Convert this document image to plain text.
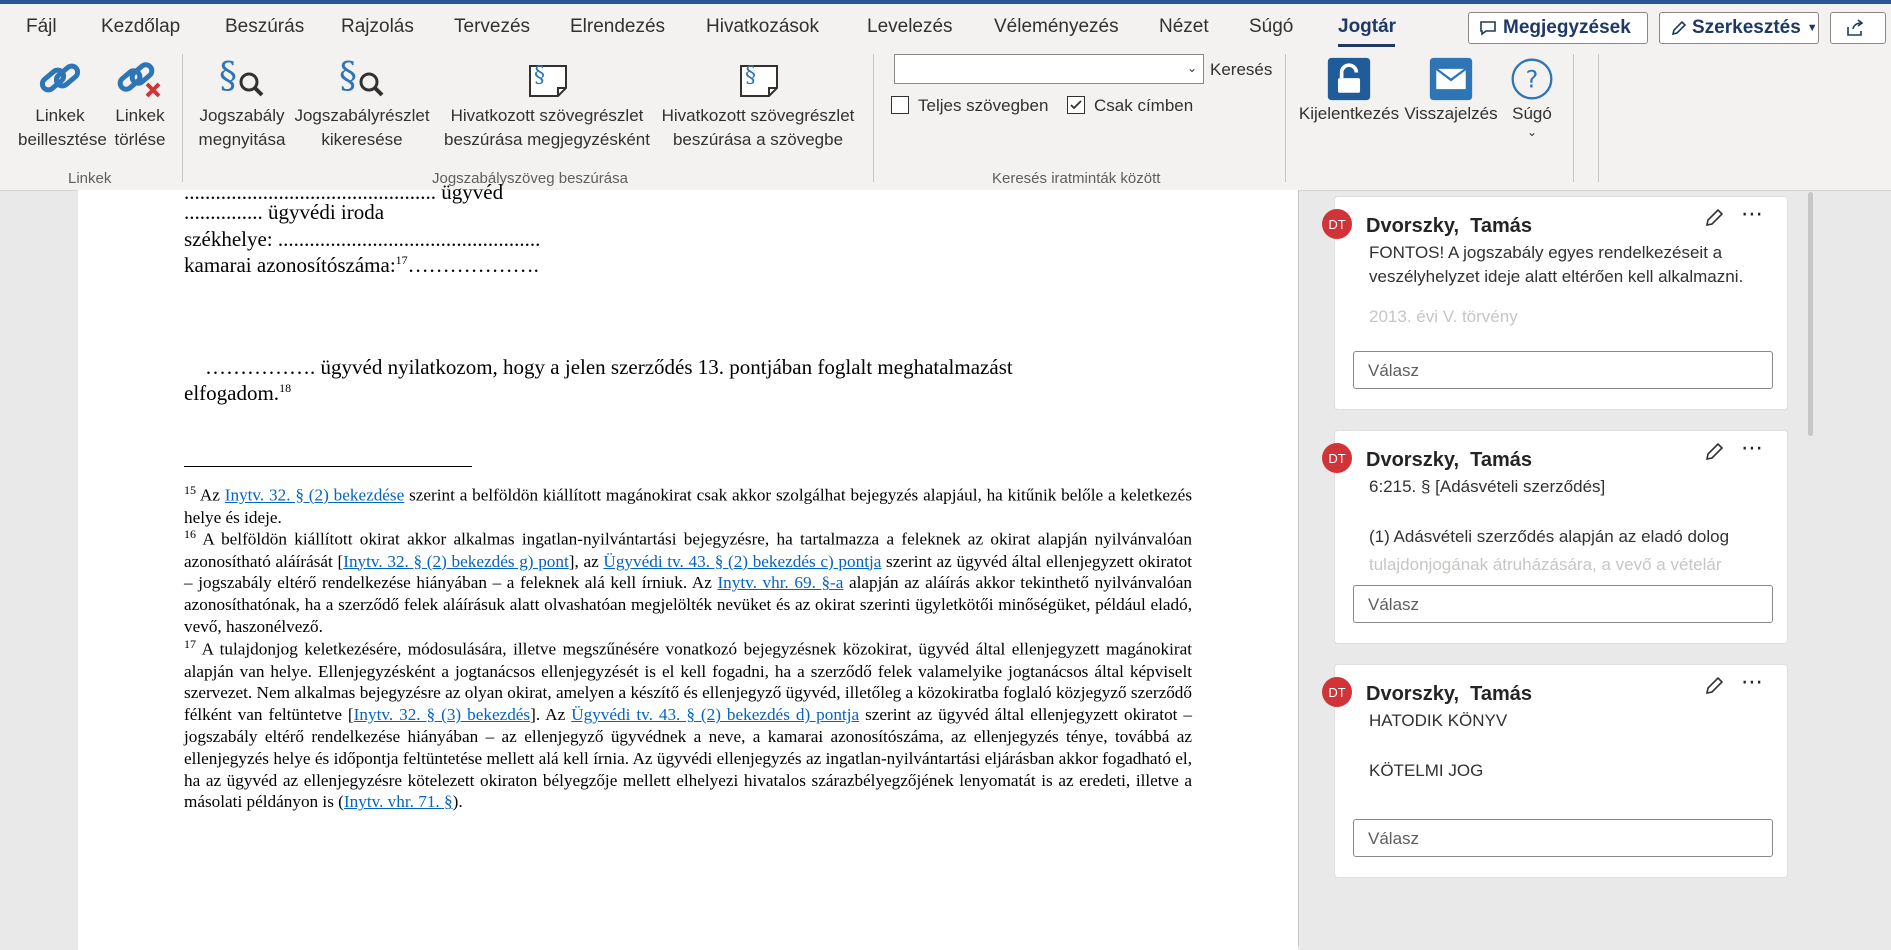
Fájl Kezdőlap Beszúrás Rajzolás Tervezés Elrendezés Hivatkozások	Levelezés Véleményezés Nézet Súgó Jogtár	Megjegyzések	Szerkesztés ▼
Linkek beillesztése
Linkek törlése
Linkek
§
Jogszabály megnyitása
§
Jogszabályrészlet kikeresése
§
Hivatkozott szövegrészlet beszúrása megjegyzésként
§
Hivatkozott szövegrészlet beszúrása a szövegbe
Jogszabályszöveg beszúrása
⌄ Keresés
Teljes szövegben	Csak címben
Keresés iratminták között
Kijelentkezés Visszajelzés
?
Súgó
⌄
................................................ ügyvéd
............... ügyvédi iroda
székhelye: ..................................................
kamarai azonosítószáma:$^{17}$……………….
……………. ügyvéd nyilatkozom, hogy a jelen szerződés 13. pontjában foglalt meghatalmazást
elfogadom.$^{18}$
$^{15}$ Az Inytv. 32. § (2) bekezdése szerint a belföldön kiállított magánokirat csak akkor szolgálhat bejegyzés alapjául, ha kitűnik belőle a keletkezés helye és ideje.
$^{16}$ A belföldön kiállított okirat akkor alkalmas ingatlan-nyilvántartási bejegyzésre, ha tartalmazza a feleknek az okirat alapján nyilvánvalóan azonosítható aláírását [Inytv. 32. § (2) bekezdés g) pont], az Ügyvédi tv. 43. § (2) bekezdés c) pontja szerint az ügyvéd által ellenjegyzett okiratot – jogszabály eltérő rendelkezése hiányában – a feleknek alá kell írniuk. Az Inytv. vhr. 69. §-a alapján az aláírás akkor tekinthető nyilvánvalóan azonosíthatónak, ha a szerződő felek aláírásuk alatt olvashatóan megjelölték nevüket és az okirat szerinti ügyletkötői minőségüket, például eladó, vevő, haszonélvező.
$^{17}$ A tulajdonjog keletkezésére, módosulására, illetve megszűnésére vonatkozó bejegyzésnek közokirat, ügyvéd által ellenjegyzett magánokirat alapján van helye. Ellenjegyzésként a jogtanácsos ellenjegyzését is el kell fogadni, ha a szerződő felek valamelyike jogtanácsos által képviselt szervezet. Nem alkalmas bejegyzésre az olyan okirat, amelyen a készítő és ellenjegyző ügyvéd, illetőleg a közokiratba foglaló közjegyző szerződő félként van feltüntetve [Inytv. 32. § (3) bekezdés]. Az Ügyvédi tv. 43. § (2) bekezdés d) pontja szerint az ügyvéd által ellenjegyzett okiratot – jogszabály eltérő rendelkezése hiányában – az ellenjegyző ügyvédnek a neve, a kamarai azonosítószáma, az ellenjegyzés ténye, továbbá az ellenjegyzés helye és időpontja feltüntetése mellett alá kell írnia. Az ügyvédi ellenjegyzés az ingatlan-nyilvántartási eljárásban akkor fogadható el, ha az ügyvéd az ellenjegyzésre kötelezett okiraton bélyegzője mellett elhelyezi hivatalos szárazbélyegzőjének lenyomatát is az eredeti, illetve a másolati példányon is (Inytv. vhr. 71. §).
DT	Dvorszky,  Tamás	⋯
FONTOS! A jogszabály egyes rendelkezéseit a
veszélyhelyzet ideje alatt eltérően kell alkalmazni.
2013. évi V. törvény
Válasz
DT	Dvorszky,  Tamás	⋯
6:215. § [Adásvételi szerződés]
(1) Adásvételi szerződés alapján az eladó dolog
tulajdonjogának átruházására, a vevő a vételár
Válasz
DT	Dvorszky,  Tamás	⋯
HATODIK KÖNYV
KÖTELMI JOG
Válasz
